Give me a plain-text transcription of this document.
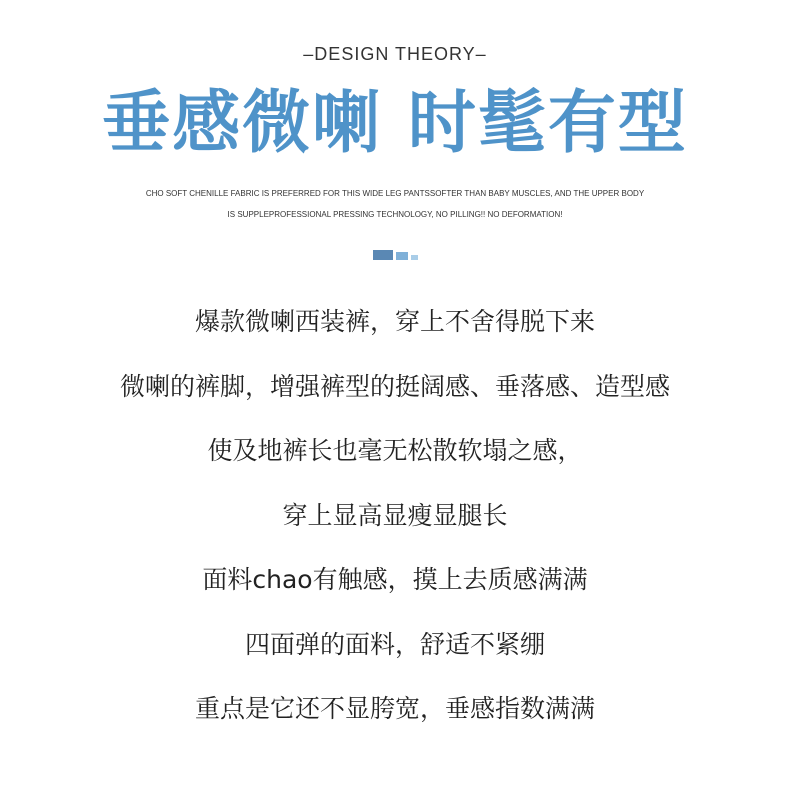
–DESIGN THEORY–
垂感微喇 时髦有型
CHO SOFT CHENILLE FABRIC IS PREFERRED FOR THIS WIDE LEG PANTSSOFTER THAN BABY MUSCLES, AND THE UPPER BODY
IS SUPPLEPROFESSIONAL PRESSING TECHNOLOGY, NO PILLING!! NO DEFORMATION!
爆款微喇西装裤，穿上不舍得脱下来
微喇的裤脚，增强裤型的挺阔感、垂落感、造型感
使及地裤长也毫无松散软塌之感，
穿上显高显瘦显腿长
面料chao有触感，摸上去质感满满
四面弹的面料，舒适不紧绷
重点是它还不显胯宽，垂感指数满满
